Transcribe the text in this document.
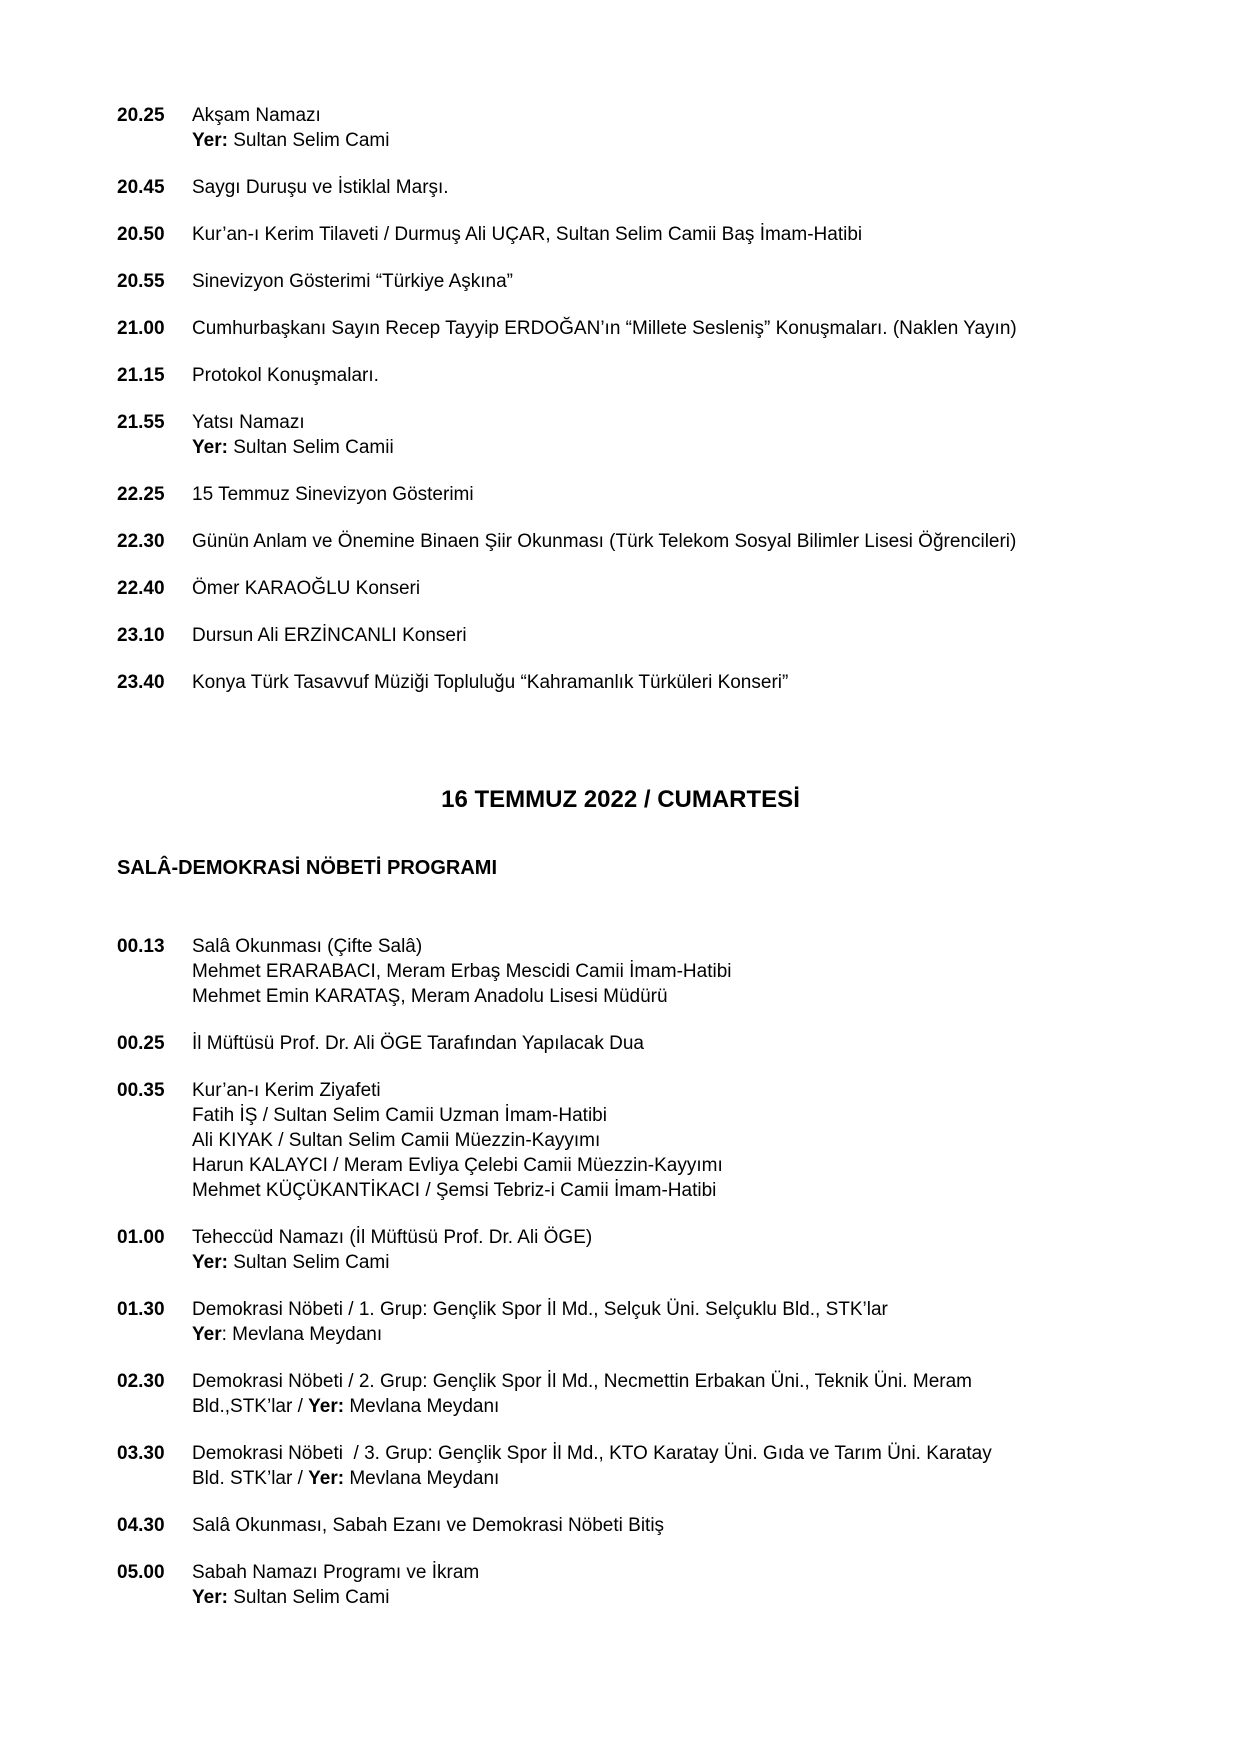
20.25	Akşam Namazı
Yer: Sultan Selim Cami
20.45	Saygı Duruşu ve İstiklal Marşı.
20.50	Kur’an-ı Kerim Tilaveti / Durmuş Ali UÇAR, Sultan Selim Camii Baş İmam-Hatibi
20.55	Sinevizyon Gösterimi “Türkiye Aşkına”
21.00	Cumhurbaşkanı Sayın Recep Tayyip ERDOĞAN’ın “Millete Sesleniş” Konuşmaları. (Naklen Yayın)
21.15	Protokol Konuşmaları.
21.55	Yatsı Namazı
Yer: Sultan Selim Camii
22.25	15 Temmuz Sinevizyon Gösterimi
22.30	Günün Anlam ve Önemine Binaen Şiir Okunması (Türk Telekom Sosyal Bilimler Lisesi Öğrencileri)
22.40	Ömer KARAOĞLU Konseri
23.10	Dursun Ali ERZİNCANLI Konseri
23.40	Konya Türk Tasavvuf Müziği Topluluğu “Kahramanlık Türküleri Konseri”
16 TEMMUZ 2022 / CUMARTESİ
SALÂ-DEMOKRASİ NÖBETİ PROGRAMI
00.13	Salâ Okunması (Çifte Salâ)
Mehmet ERARABACI, Meram Erbaş Mescidi Camii İmam-Hatibi
Mehmet Emin KARATAŞ, Meram Anadolu Lisesi Müdürü
00.25	İl Müftüsü Prof. Dr. Ali ÖGE Tarafından Yapılacak Dua
00.35	Kur’an-ı Kerim Ziyafeti
Fatih İŞ / Sultan Selim Camii Uzman İmam-Hatibi
Ali KIYAK / Sultan Selim Camii Müezzin-Kayyımı
Harun KALAYCI / Meram Evliya Çelebi Camii Müezzin-Kayyımı
Mehmet KÜÇÜKANTİKACI / Şemsi Tebriz-i Camii İmam-Hatibi
01.00	Teheccüd Namazı (İl Müftüsü Prof. Dr. Ali ÖGE)
Yer: Sultan Selim Cami
01.30	Demokrasi Nöbeti / 1. Grup: Gençlik Spor İl Md., Selçuk Üni. Selçuklu Bld., STK’lar
Yer: Mevlana Meydanı
02.30	Demokrasi Nöbeti / 2. Grup: Gençlik Spor İl Md., Necmettin Erbakan Üni., Teknik Üni. Meram
Bld.,STK’lar / Yer: Mevlana Meydanı
03.30	Demokrasi Nöbeti  / 3. Grup: Gençlik Spor İl Md., KTO Karatay Üni. Gıda ve Tarım Üni. Karatay
Bld. STK’lar / Yer: Mevlana Meydanı
04.30	Salâ Okunması, Sabah Ezanı ve Demokrasi Nöbeti Bitiş
05.00	Sabah Namazı Programı ve İkram
Yer: Sultan Selim Cami
